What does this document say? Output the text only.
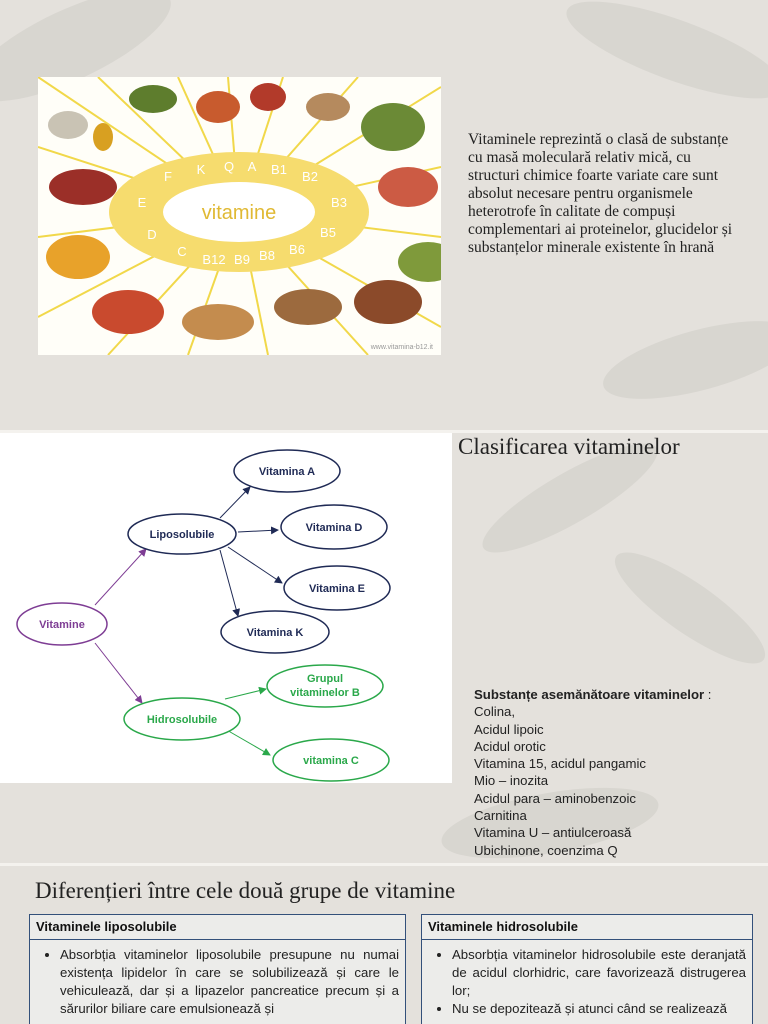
vitamine
F K Q A B1 B2
E	B3
D	B5
C
B12 B9 B8 B6
www.vitamina-b12.it
Vitaminele reprezintă o clasă de substanțe cu masă moleculară relativ mică, cu structuri chimice foarte variate care sunt absolut necesare pentru organismele heterotrofe în calitate de compuși complementari ai proteinelor, glucidelor și substanțelor minerale existente în hrană
Vitamine
Liposolubile
Hidrosolubile
Vitamina A
Vitamina D
Vitamina E
Vitamina K
Grupul
vitaminelor B
vitamina C
Clasificarea vitaminelor
Substanțe asemănătoare vitaminelor :
Colina,
Acidul lipoic
Acidul orotic
Vitamina 15, acidul pangamic
Mio – inozita
Acidul para – aminobenzoic
Carnitina
Vitamina U – antiulceroasă
Ubichinone, coenzima Q
Diferențieri între cele două grupe de vitamine
Vitaminele liposolubile
• Absorbția vitaminelor liposolubile presupune nu numai existența lipidelor în care se solubilizează și care le vehiculează, dar și a lipazelor pancreatice precum și a sărurilor biliare care emulsionează și
Vitaminele hidrosolubile
• Absorbția vitaminelor hidrosolubile este deranjată de acidul clorhidric, care favorizează distrugerea lor;
• Nu se depozitează și atunci când se realizează
